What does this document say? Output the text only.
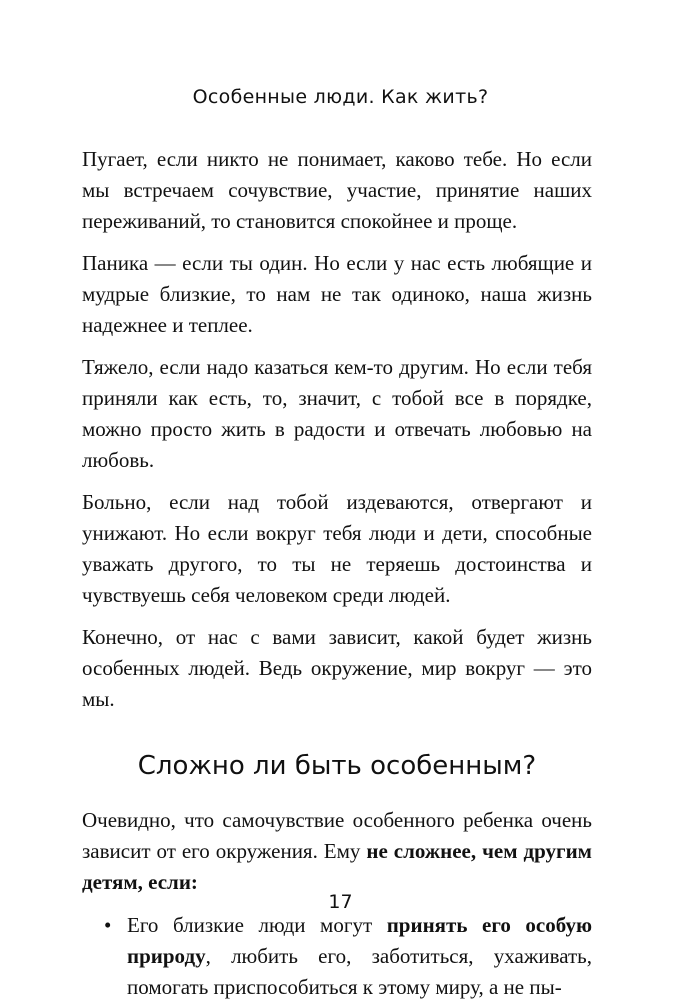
Особенные люди. Как жить?

Пугает, если никто не понимает, каково тебе. Но если мы встречаем сочувствие, участие, принятие наших переживаний, то становится спокойнее и проще.

Паника — если ты один. Но если у нас есть любящие и мудрые близкие, то нам не так одиноко, наша жизнь надежнее и теплее.

Тяжело, если надо казаться кем-то другим. Но если тебя приняли как есть, то, значит, с тобой все в порядке, можно просто жить в радости и отвечать любовью на любовь.

Больно, если над тобой издеваются, отвергают и унижают. Но если вокруг тебя люди и дети, способные уважать другого, то ты не теряешь достоинства и чувствуешь себя человеком среди людей.

Конечно, от нас с вами зависит, какой будет жизнь особенных людей. Ведь окружение, мир вокруг — это мы.

Сложно ли быть особенным?

Очевидно, что самочувствие особенного ребенка очень зависит от его окружения. Ему не сложнее, чем другим детям, если:

• Его близкие люди могут принять его особую природу, любить его, заботиться, ухаживать, помогать приспособиться к этому миру, а не пы-
17
